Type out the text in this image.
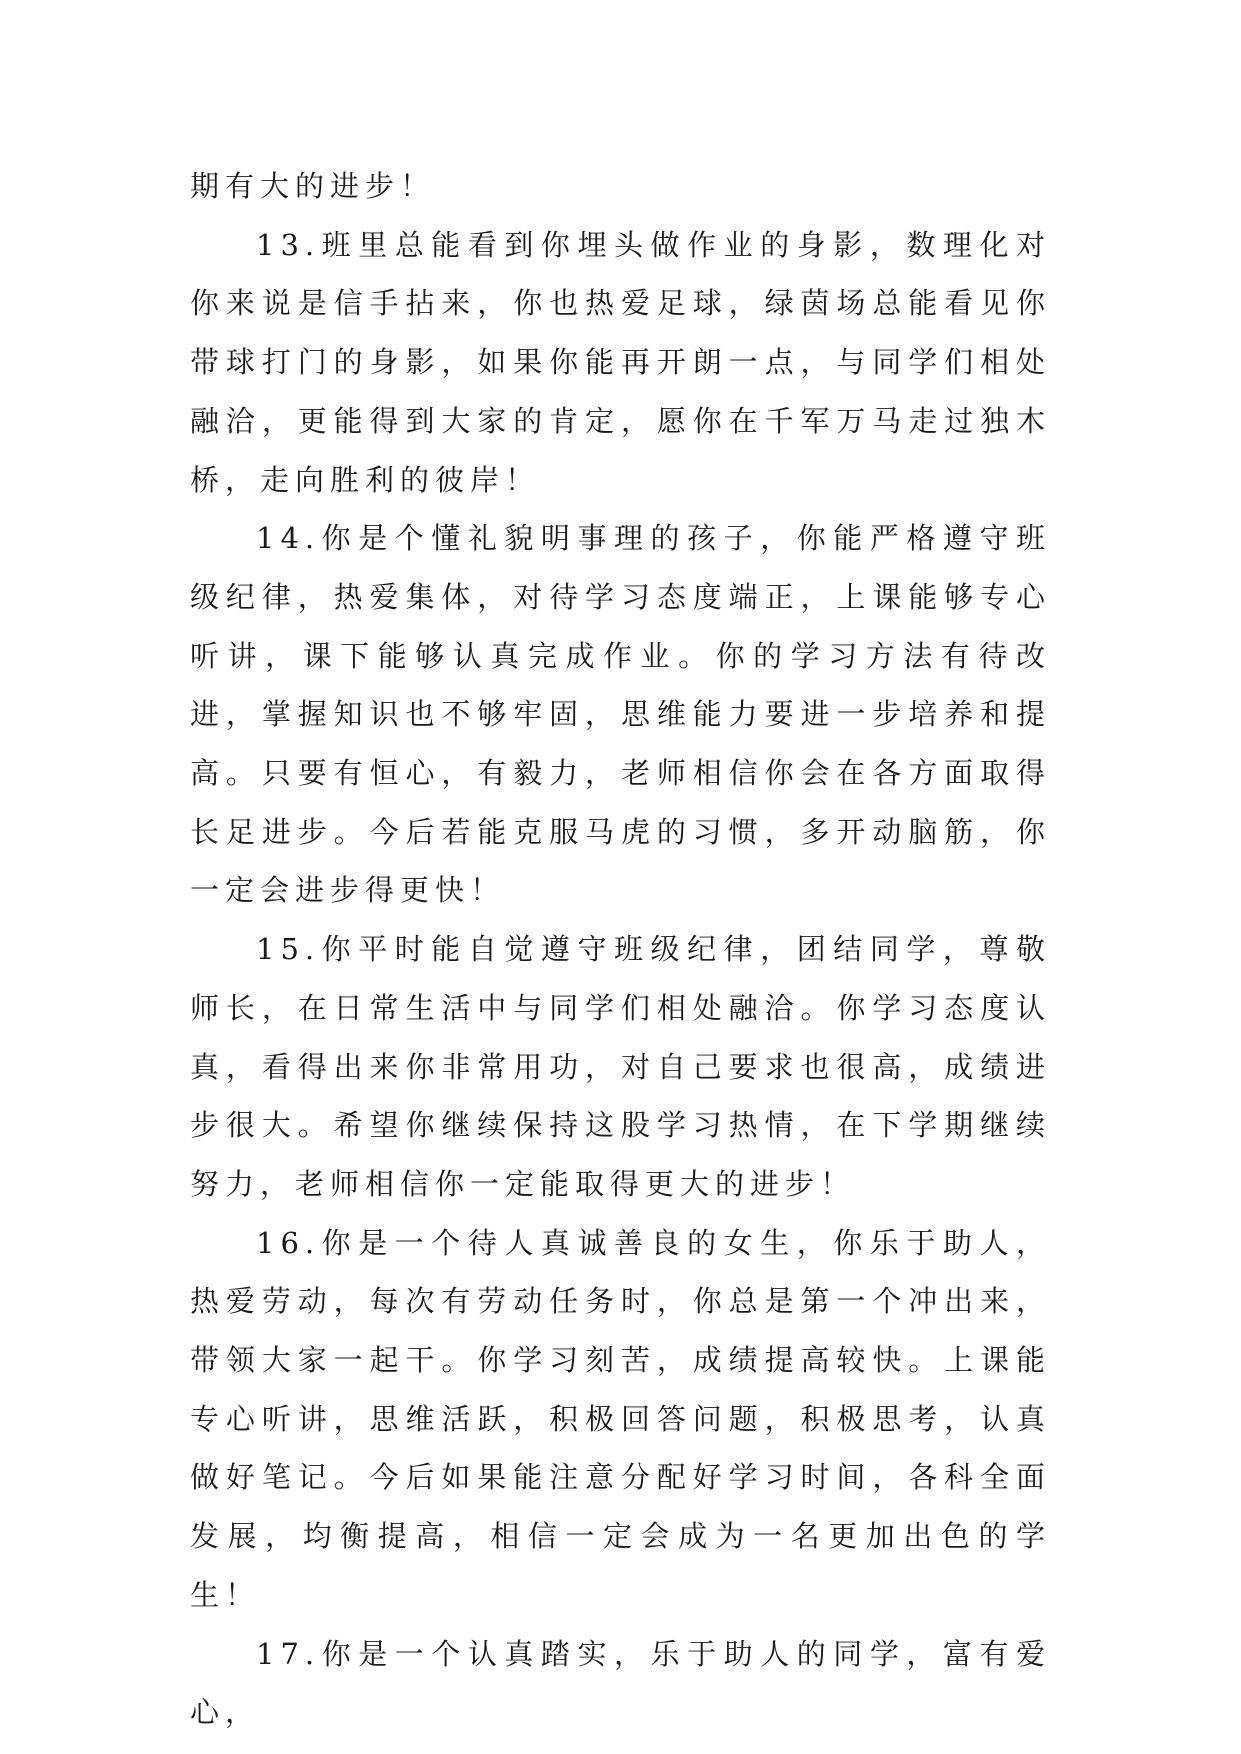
期有大的进步！

13.班里总能看到你埋头做作业的身影，数理化对你来说是信手拈来，你也热爱足球，绿茵场总能看见你带球打门的身影，如果你能再开朗一点，与同学们相处融洽，更能得到大家的肯定，愿你在千军万马走过独木桥，走向胜利的彼岸！

14.你是个懂礼貌明事理的孩子，你能严格遵守班级纪律，热爱集体，对待学习态度端正，上课能够专心听讲，课下能够认真完成作业。你的学习方法有待改进，掌握知识也不够牢固，思维能力要进一步培养和提高。只要有恒心，有毅力，老师相信你会在各方面取得长足进步。今后若能克服马虎的习惯，多开动脑筋，你一定会进步得更快！

15.你平时能自觉遵守班级纪律，团结同学，尊敬师长，在日常生活中与同学们相处融洽。你学习态度认真，看得出来你非常用功，对自己要求也很高，成绩进步很大。希望你继续保持这股学习热情，在下学期继续努力，老师相信你一定能取得更大的进步！

16.你是一个待人真诚善良的女生，你乐于助人，热爱劳动，每次有劳动任务时，你总是第一个冲出来，带领大家一起干。你学习刻苦，成绩提高较快。上课能专心听讲，思维活跃，积极回答问题，积极思考，认真做好笔记。今后如果能注意分配好学习时间，各科全面发展，均衡提高，相信一定会成为一名更加出色的学生！

17.你是一个认真踏实，乐于助人的同学，富有爱心，
